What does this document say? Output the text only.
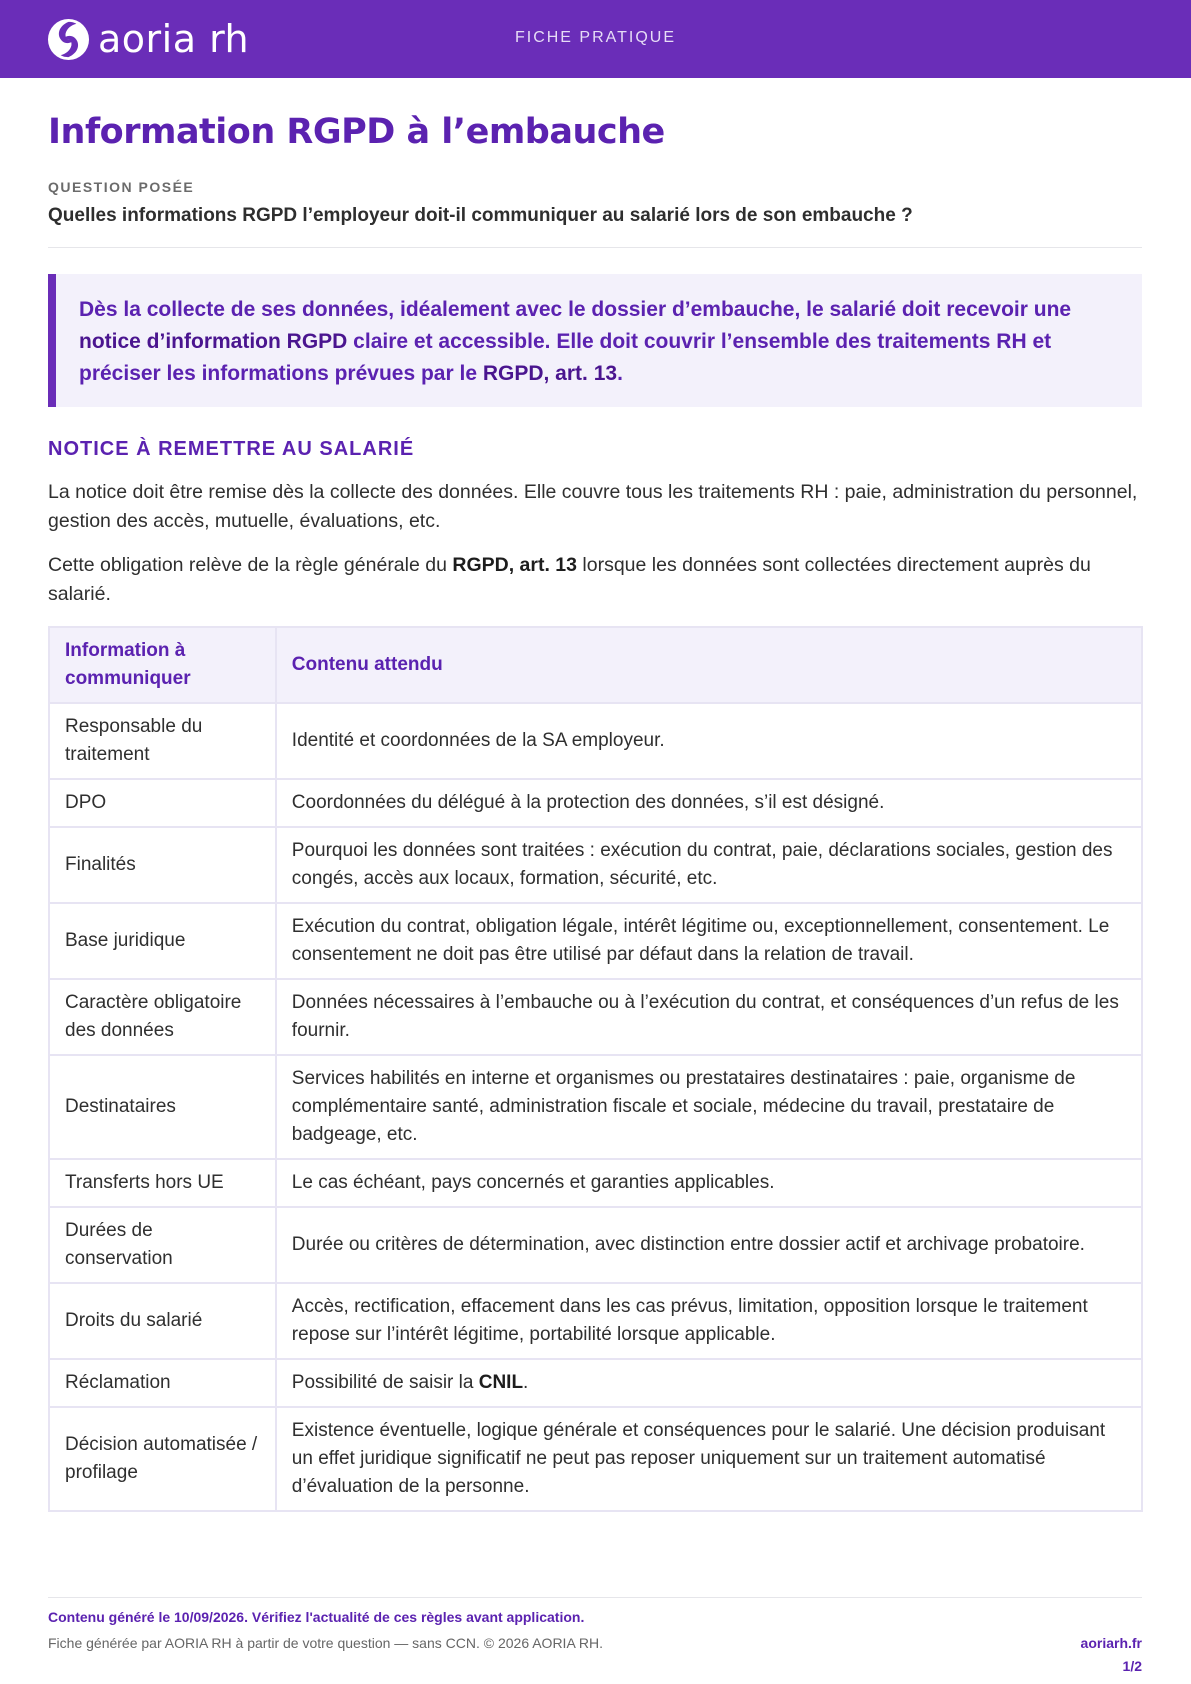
aoria rh	FICHE PRATIQUE
Information RGPD à l’embauche
QUESTION POSÉE
Quelles informations RGPD l’employeur doit-il communiquer au salarié lors de son embauche ?

Dès la collecte de ses données, idéalement avec le dossier d’embauche, le salarié doit recevoir une notice d’information RGPD claire et accessible. Elle doit couvrir l’ensemble des traitements RH et préciser les informations prévues par le RGPD, art. 13.

NOTICE À REMETTRE AU SALARIÉ

La notice doit être remise dès la collecte des données. Elle couvre tous les traitements RH : paie, administration du personnel, gestion des accès, mutuelle, évaluations, etc.

Cette obligation relève de la règle générale du RGPD, art. 13 lorsque les données sont collectées directement auprès du salarié.

Information à communiquer	Contenu attendu
Responsable du traitement	Identité et coordonnées de la SA employeur.
DPO	Coordonnées du délégué à la protection des données, s’il est désigné.
Finalités	Pourquoi les données sont traitées : exécution du contrat, paie, déclarations sociales, gestion des congés, accès aux locaux, formation, sécurité, etc.
Base juridique	Exécution du contrat, obligation légale, intérêt légitime ou, exceptionnellement, consentement. Le consentement ne doit pas être utilisé par défaut dans la relation de travail.
Caractère obligatoire des données	Données nécessaires à l’embauche ou à l’exécution du contrat, et conséquences d’un refus de les fournir.
Destinataires	Services habilités en interne et organismes ou prestataires destinataires : paie, organisme de complémentaire santé, administration fiscale et sociale, médecine du travail, prestataire de badgeage, etc.
Transferts hors UE	Le cas échéant, pays concernés et garanties applicables.
Durées de conservation	Durée ou critères de détermination, avec distinction entre dossier actif et archivage probatoire.
Droits du salarié	Accès, rectification, effacement dans les cas prévus, limitation, opposition lorsque le traitement repose sur l’intérêt légitime, portabilité lorsque applicable.
Réclamation	Possibilité de saisir la CNIL.
Décision automatisée / profilage	Existence éventuelle, logique générale et conséquences pour le salarié. Une décision produisant un effet juridique significatif ne peut pas reposer uniquement sur un traitement automatisé d’évaluation de la personne.
Contenu généré le 10/09/2026. Vérifiez l'actualité de ces règles avant application.
Fiche générée par AORIA RH à partir de votre question — sans CCN. © 2026 AORIA RH.	aoriarh.fr
1/2
